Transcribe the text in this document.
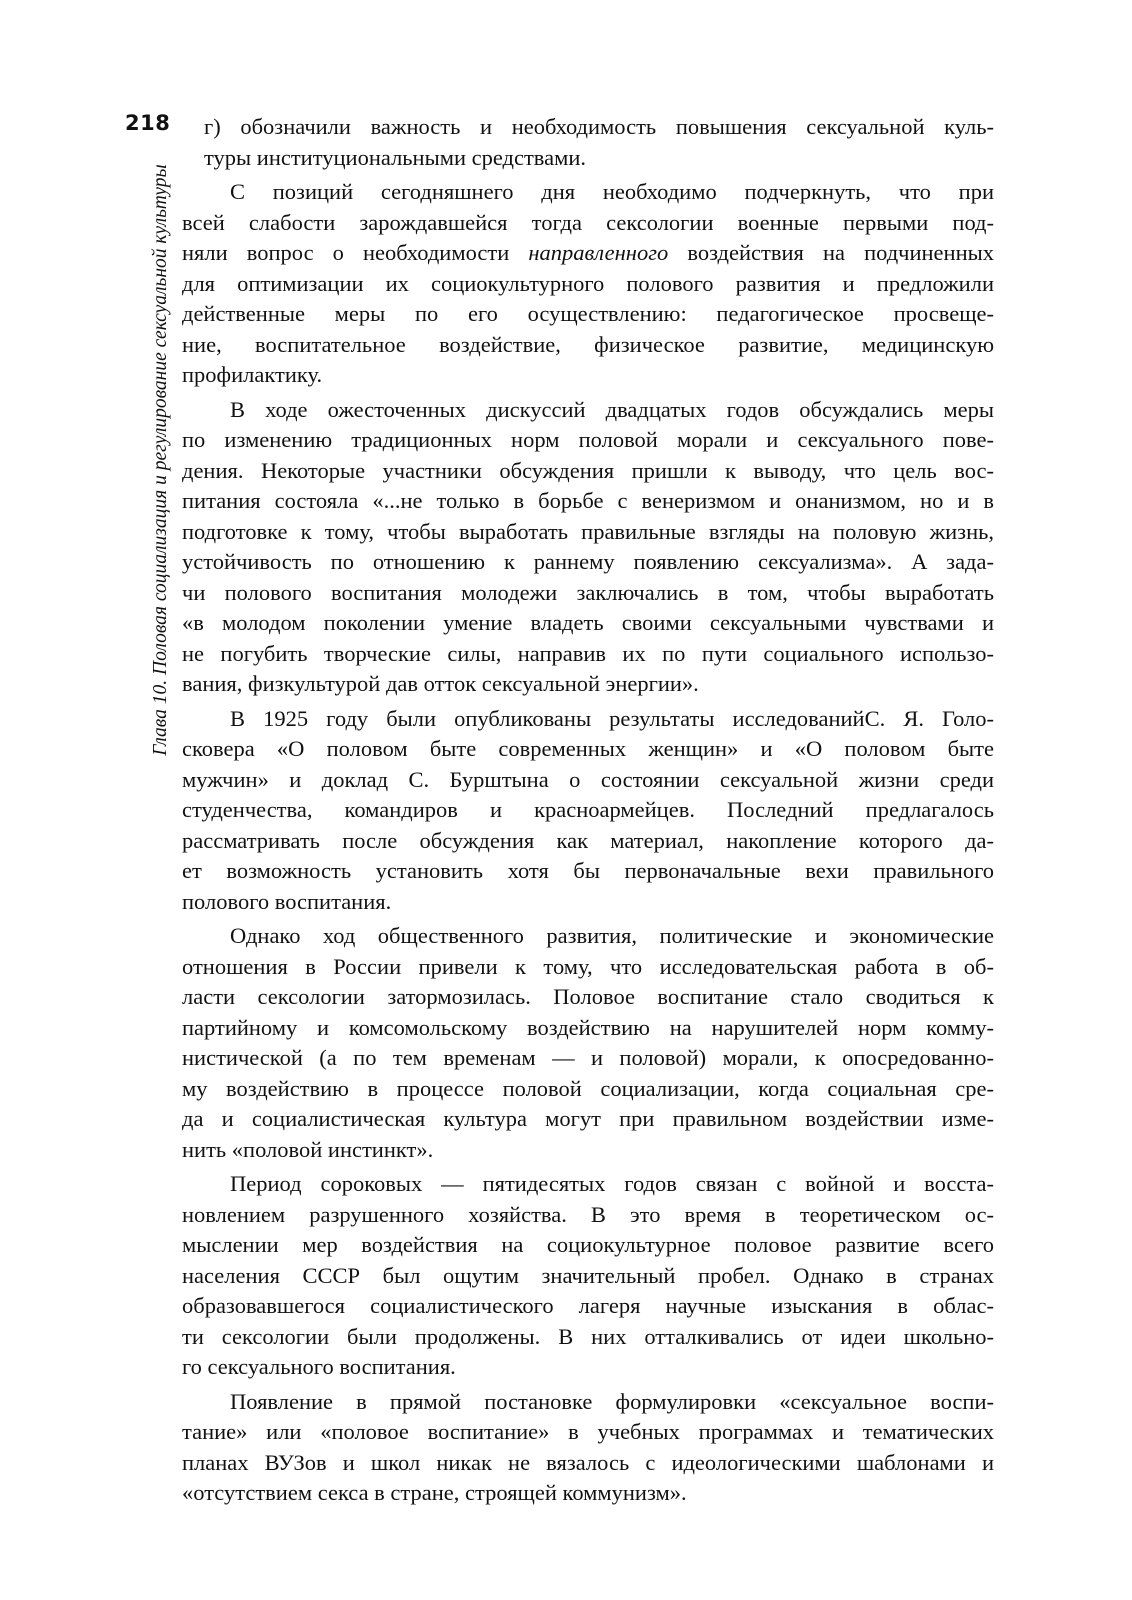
218
Глава 10. Половая социализация и регулирование сексуальной культуры

г) обозначили важность и необходимость повышения сексуальной куль-
туры институциональными средствами.

С позиций сегодняшнего дня необходимо подчеркнуть, что при
всей слабости зарождавшейся тогда сексологии военные первыми под-
няли вопрос о необходимости направленного воздействия на подчиненных
для оптимизации их социокультурного полового развития и предложили
действенные меры по его осуществлению: педагогическое просвеще-
ние, воспитательное воздействие, физическое развитие, медицинскую
профилактику.

В ходе ожесточенных дискуссий двадцатых годов обсуждались меры
по изменению традиционных норм половой морали и сексуального пове-
дения. Некоторые участники обсуждения пришли к выводу, что цель вос-
питания состояла «...не только в борьбе с венеризмом и онанизмом, но и в
подготовке к тому, чтобы выработать правильные взгляды на половую жизнь,
устойчивость по отношению к раннему появлению сексуализма». А зада-
чи полового воспитания молодежи заключались в том, чтобы выработать
«в молодом поколении умение владеть своими сексуальными чувствами и
не погубить творческие силы, направив их по пути социального использо-
вания, физкультурой дав отток сексуальной энергии».

В 1925 году были опубликованы результаты исследованийС. Я. Голо-
сковера «О половом быте современных женщин» и «О половом быте
мужчин» и доклад С. Бурштына о состоянии сексуальной жизни среди
студенчества, командиров и красноармейцев. Последний предлагалось
рассматривать после обсуждения как материал, накопление которого да-
ет возможность установить хотя бы первоначальные вехи правильного
полового воспитания.

Однако ход общественного развития, политические и экономические
отношения в России привели к тому, что исследовательская работа в об-
ласти сексологии затормозилась. Половое воспитание стало сводиться к
партийному и комсомольскому воздействию на нарушителей норм комму-
нистической (а по тем временам — и половой) морали, к опосредованно-
му воздействию в процессе половой социализации, когда социальная сре-
да и социалистическая культура могут при правильном воздействии изме-
нить «половой инстинкт».

Период сороковых — пятидесятых годов связан с войной и восста-
новлением разрушенного хозяйства. В это время в теоретическом ос-
мыслении мер воздействия на социокультурное половое развитие всего
населения СССР был ощутим значительный пробел. Однако в странах
образовавшегося социалистического лагеря научные изыскания в облас-
ти сексологии были продолжены. В них отталкивались от идеи школьно-
го сексуального воспитания.

Появление в прямой постановке формулировки «сексуальное воспи-
тание» или «половое воспитание» в учебных программах и тематических
планах ВУЗов и школ никак не вязалось с идеологическими шаблонами и
«отсутствием секса в стране, строящей коммунизм».
